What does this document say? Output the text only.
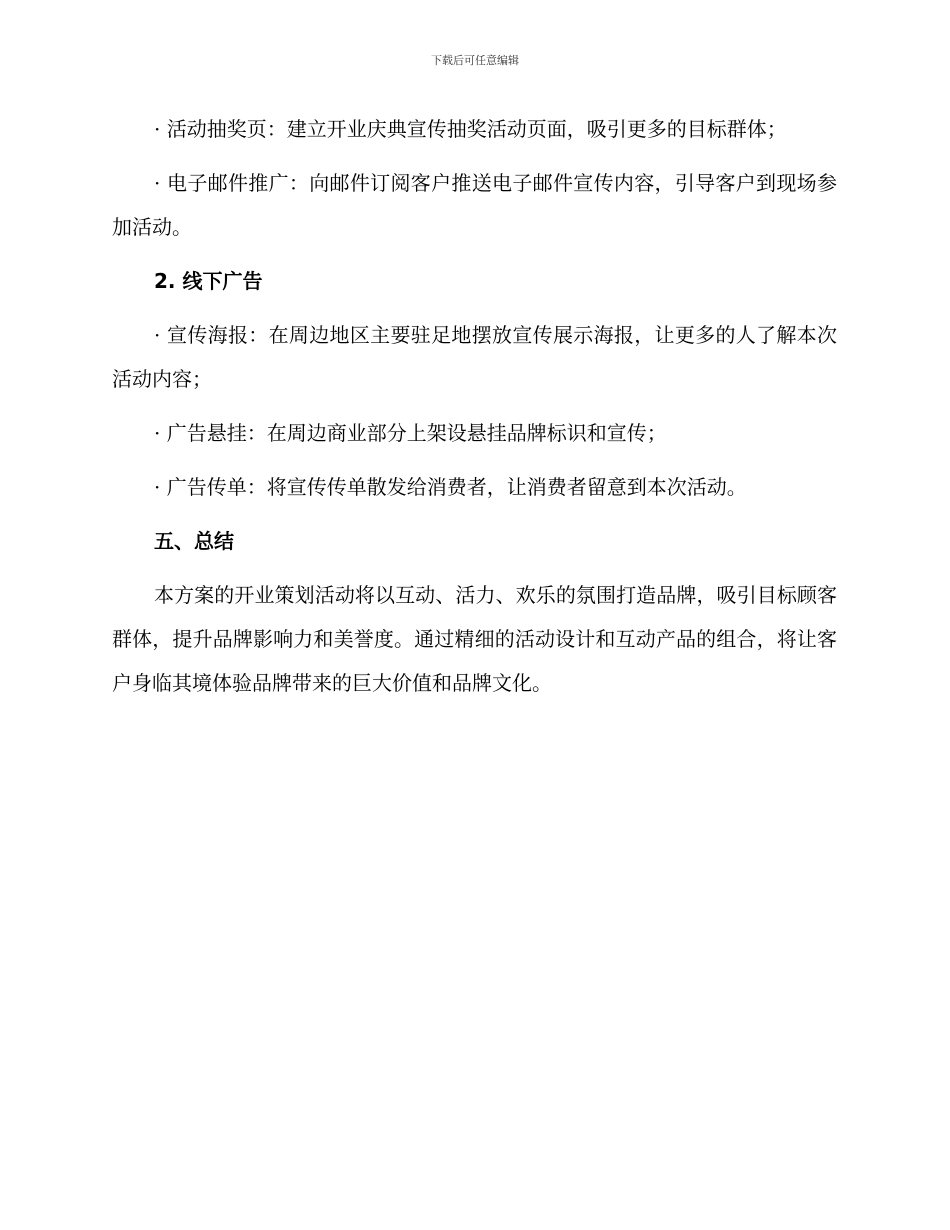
下载后可任意编辑

· 活动抽奖页：建立开业庆典宣传抽奖活动页面，吸引更多的目标群体；

· 电子邮件推广：向邮件订阅客户推送电子邮件宣传内容，引导客户到现场参加活动。

2. 线下广告

· 宣传海报：在周边地区主要驻足地摆放宣传展示海报，让更多的人了解本次活动内容；

· 广告悬挂：在周边商业部分上架设悬挂品牌标识和宣传；

· 广告传单：将宣传传单散发给消费者，让消费者留意到本次活动。

五、总结

本方案的开业策划活动将以互动、活力、欢乐的氛围打造品牌，吸引目标顾客群体，提升品牌影响力和美誉度。通过精细的活动设计和互动产品的组合，将让客户身临其境体验品牌带来的巨大价值和品牌文化。
